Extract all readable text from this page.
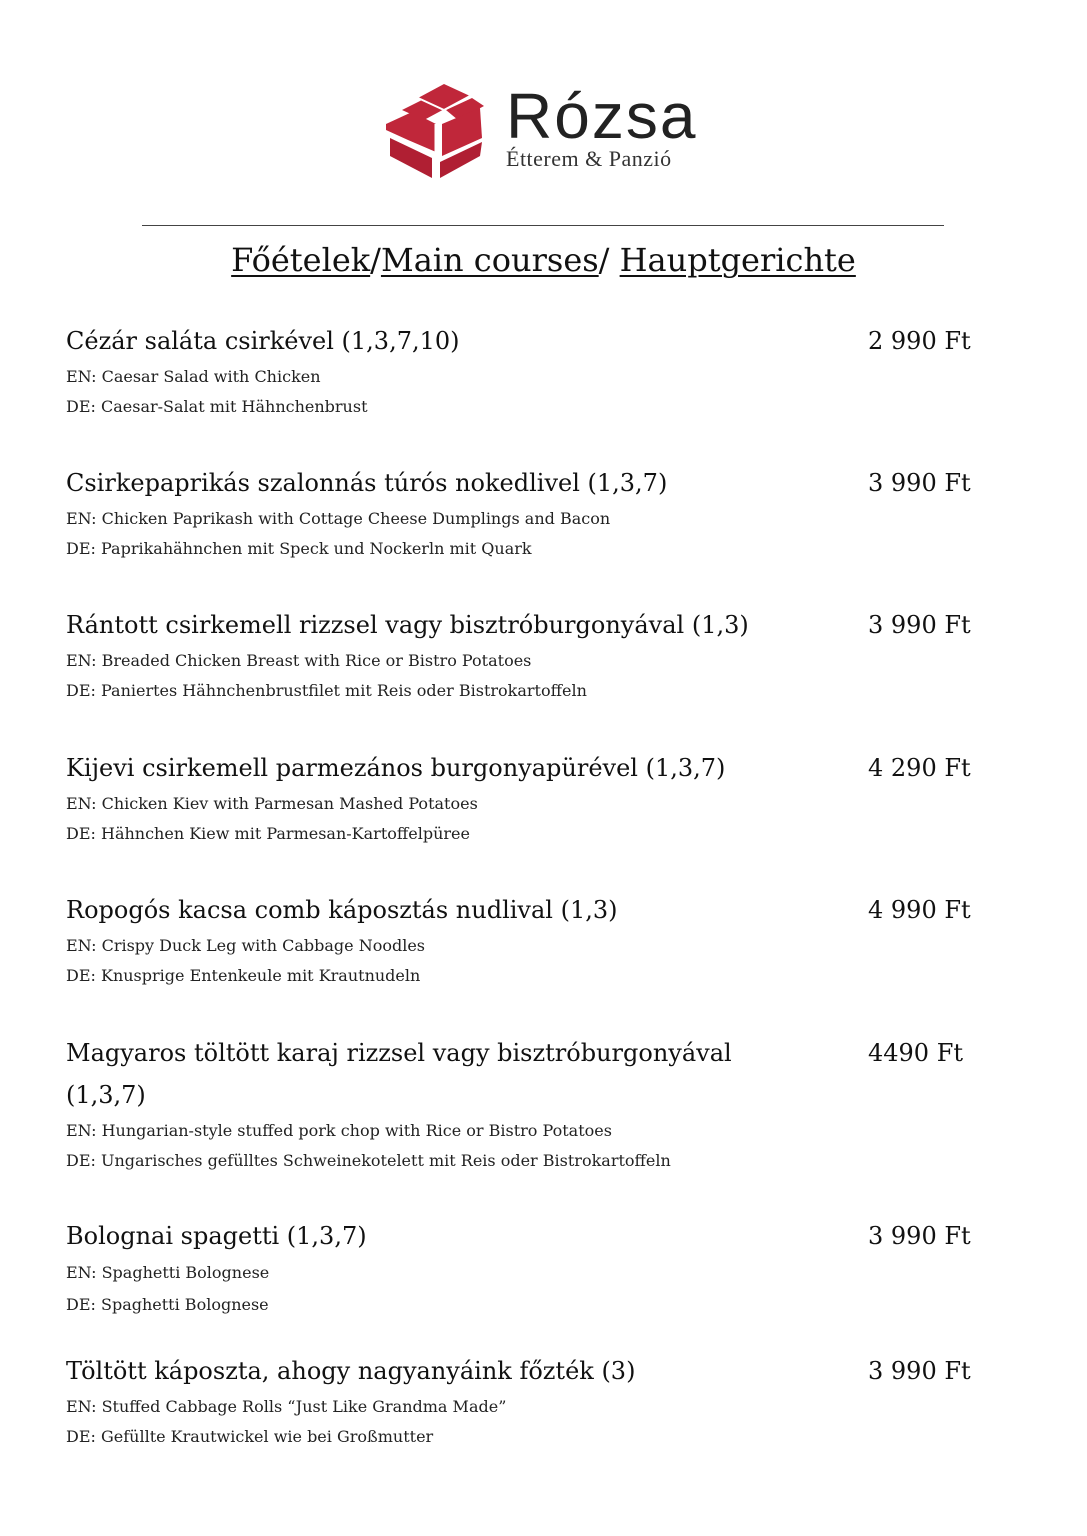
Rózsa
Étterem & Panzió
Főételek/Main courses/ Hauptgerichte
Cézár saláta csirkével (1,3,7,10)	2 990 Ft
EN: Caesar Salad with Chicken
DE: Caesar-Salat mit Hähnchenbrust
Csirkepaprikás szalonnás túrós nokedlivel (1,3,7)	3 990 Ft
EN: Chicken Paprikash with Cottage Cheese Dumplings and Bacon
DE: Paprikahähnchen mit Speck und Nockerln mit Quark
Rántott csirkemell rizzsel vagy bisztróburgonyával (1,3)	3 990 Ft
EN: Breaded Chicken Breast with Rice or Bistro Potatoes
DE: Paniertes Hähnchenbrustfilet mit Reis oder Bistrokartoffeln
Kijevi csirkemell parmezános burgonyapürével (1,3,7)	4 290 Ft
EN: Chicken Kiev with Parmesan Mashed Potatoes
DE: Hähnchen Kiew mit Parmesan-Kartoffelpüree
Ropogós kacsa comb káposztás nudlival (1,3)	4 990 Ft
EN: Crispy Duck Leg with Cabbage Noodles
DE: Knusprige Entenkeule mit Krautnudeln
Magyaros töltött karaj rizzsel vagy bisztróburgonyával (1,3,7)
4490 Ft
EN: Hungarian-style stuffed pork chop with Rice or Bistro Potatoes
DE: Ungarisches gefülltes Schweinekotelett mit Reis oder Bistrokartoffeln
Bolognai spagetti (1,3,7)	3 990 Ft
EN: Spaghetti Bolognese
DE: Spaghetti Bolognese
Töltött káposzta, ahogy nagyanyáink főzték (3)	3 990 Ft
EN: Stuffed Cabbage Rolls “Just Like Grandma Made”
DE: Gefüllte Krautwickel wie bei Großmutter
